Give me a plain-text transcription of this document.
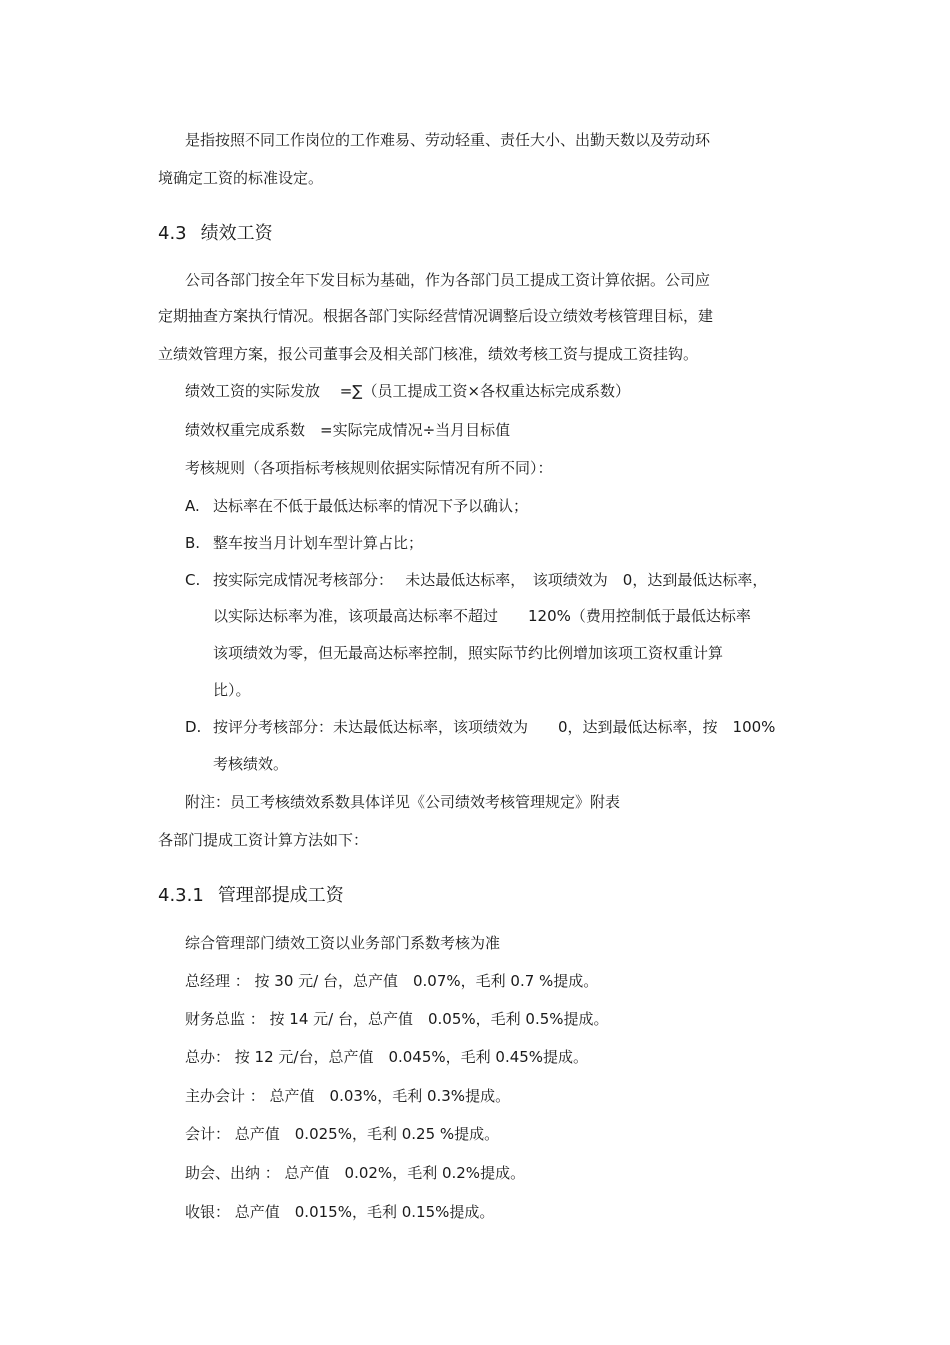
是指按照不同工作岗位的工作难易、劳动轻重、责任大小、出勤天数以及劳动环
境确定工资的标准设定。
4.3 绩效工资
公司各部门按全年下发目标为基础，作为各部门员工提成工资计算依据。公司应
定期抽查方案执行情况。根据各部门实际经营情况调整后设立绩效考核管理目标，建
立绩效管理方案，报公司董事会及相关部门核准，绩效考核工资与提成工资挂钩。
绩效工资的实际发放　 =∑（员工提成工资×各权重达标完成系数）
绩效权重完成系数　=实际完成情况÷当月目标值
考核规则（各项指标考核规则依据实际情况有所不同）：
A. 达标率在不低于最低达标率的情况下予以确认；
B. 整车按当月计划车型计算占比；
C. 按实际完成情况考核部分：　 未达最低达标率，　该项绩效为　0，达到最低达标率，
以实际达标率为准，该项最高达标率不超过　　120%（费用控制低于最低达标率
该项绩效为零，但无最高达标率控制，照实际节约比例增加该项工资权重计算
比）。
D. 按评分考核部分：未达最低达标率，该项绩效为　　0，达到最低达标率，按　100%
考核绩效。
附注：员工考核绩效系数具体详见《公司绩效考核管理规定》附表
各部门提成工资计算方法如下：
4.3.1 管理部提成工资
综合管理部门绩效工资以业务部门系数考核为准
总经理 ： 按 30 元/ 台，总产值　0.07%，毛利 0.7 %提成。
财务总监 ： 按 14 元/ 台，总产值　0.05%，毛利 0.5%提成。
总办： 按 12 元/台，总产值　0.045%，毛利 0.45%提成。
主办会计 ： 总产值　0.03%，毛利 0.3%提成。
会计： 总产值　0.025%，毛利 0.25 %提成。
助会、出纳 ： 总产值　0.02%，毛利 0.2%提成。
收银： 总产值　0.015%，毛利 0.15%提成。
